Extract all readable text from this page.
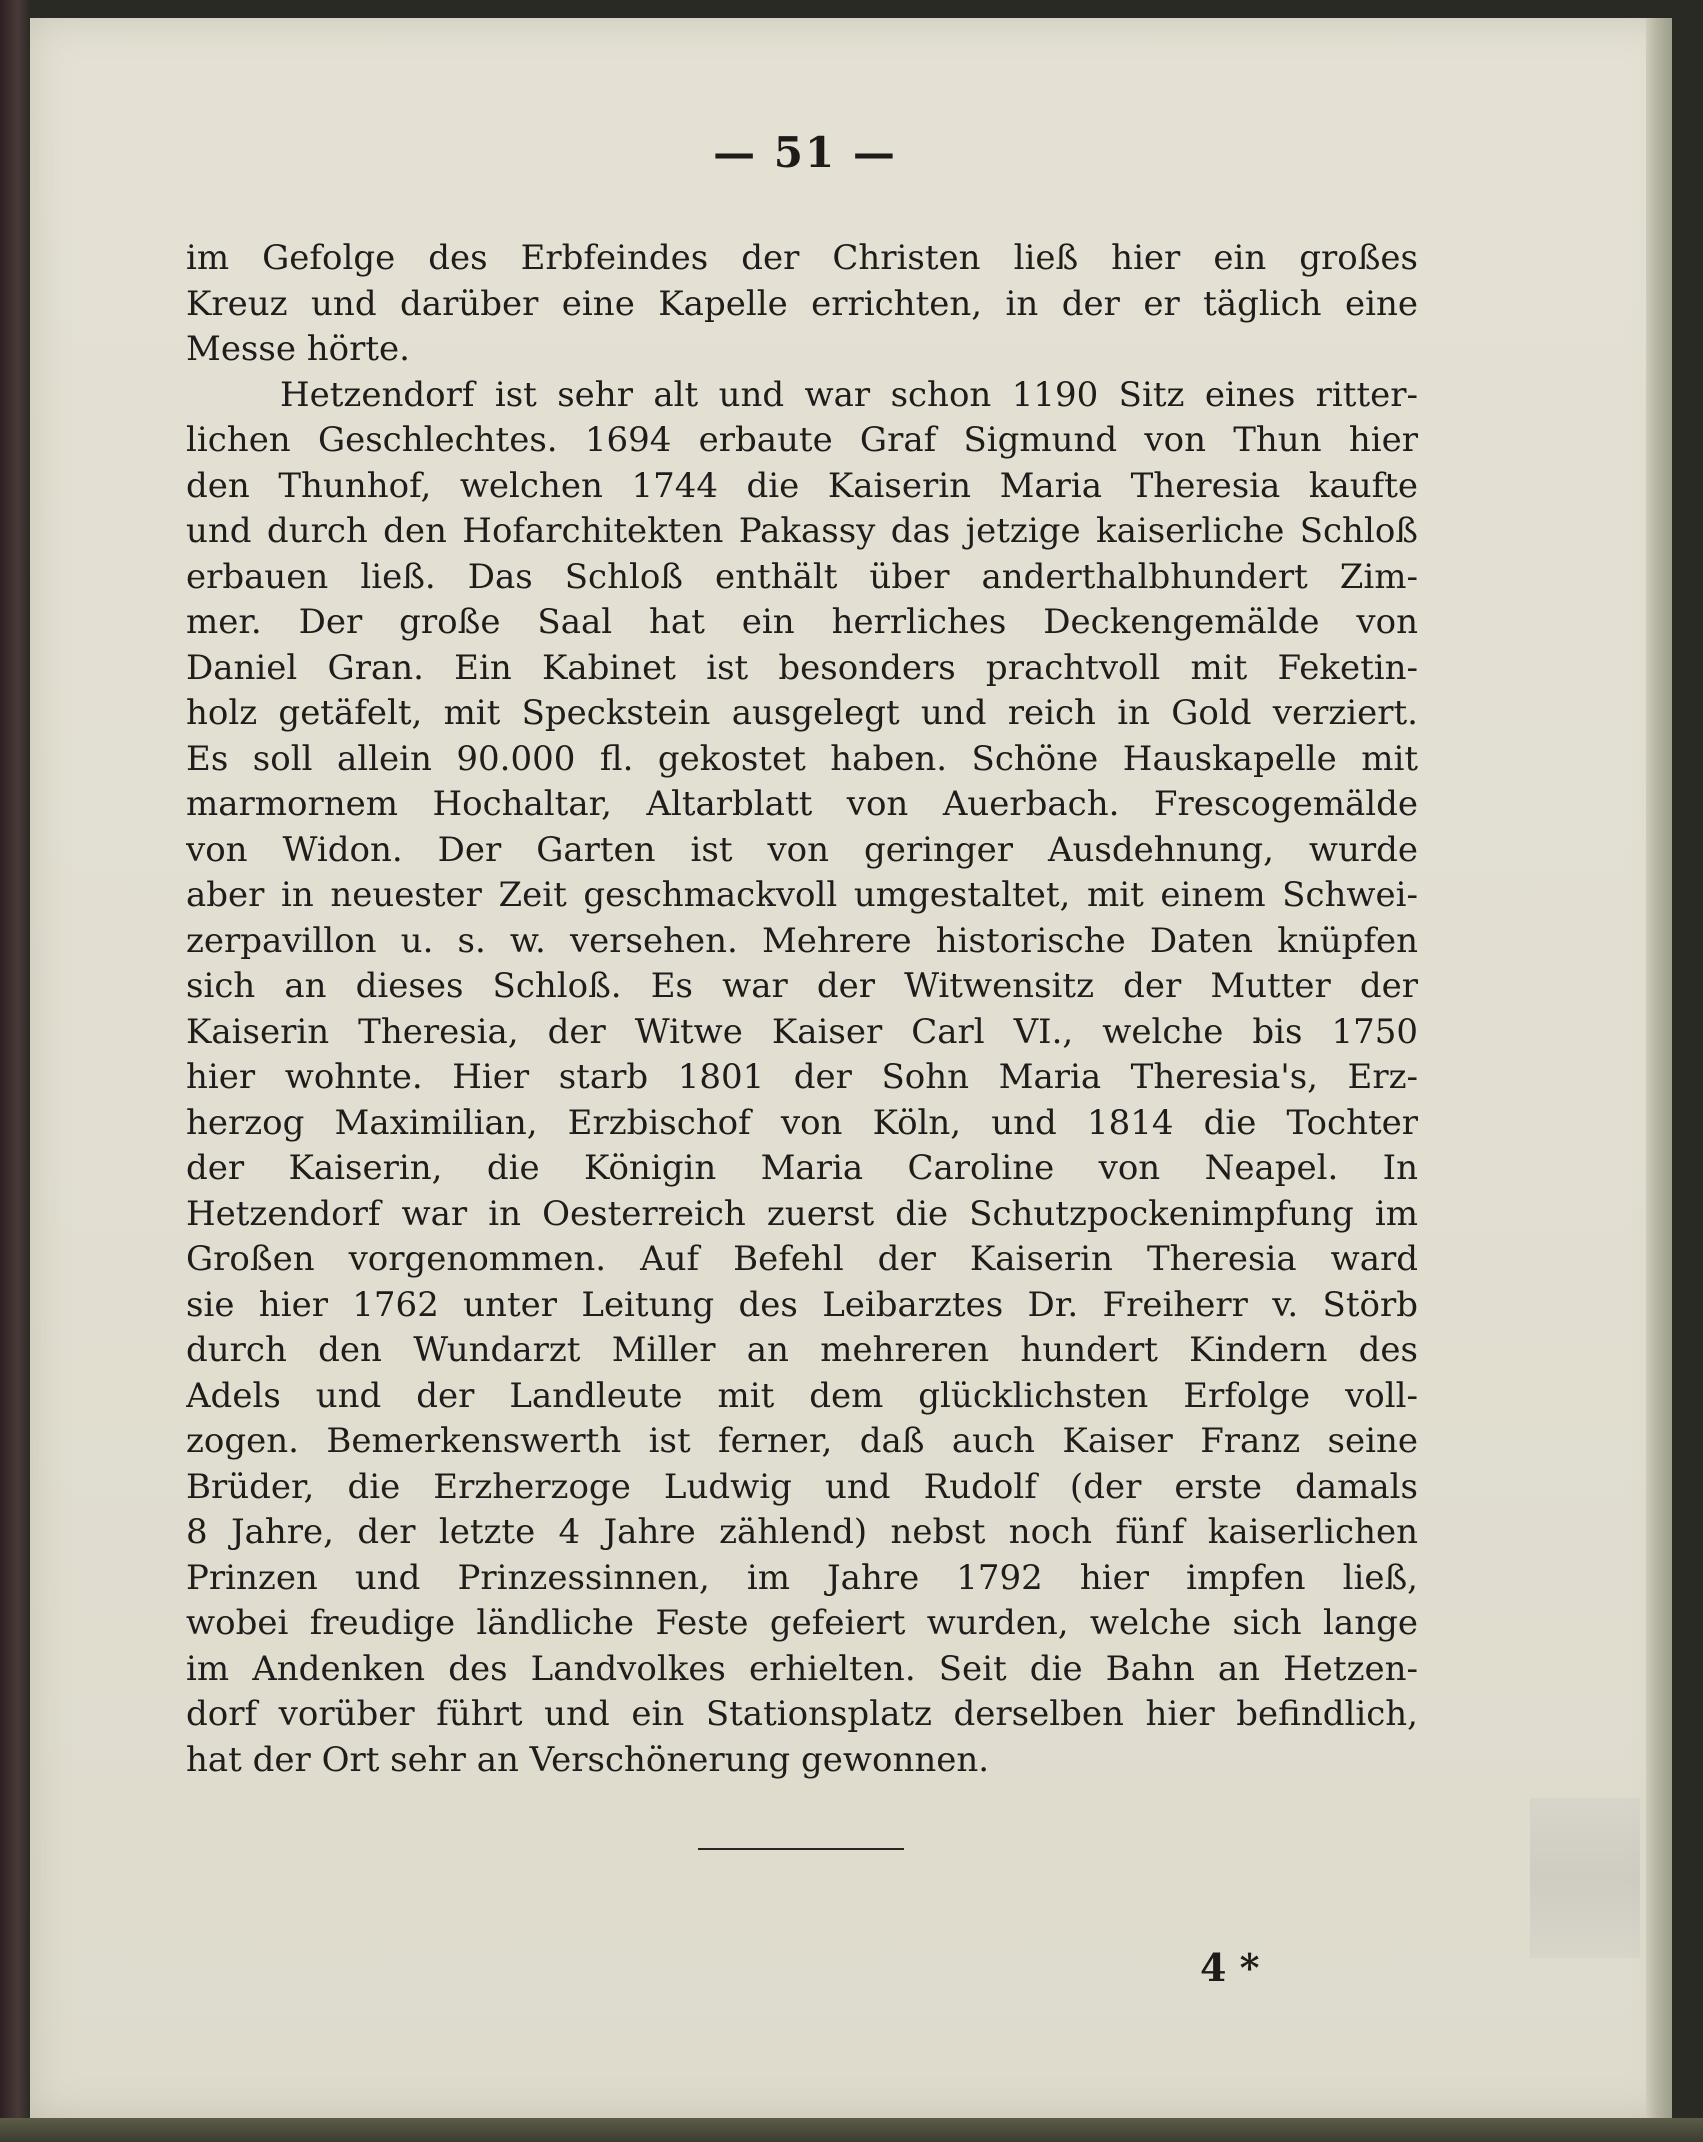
— 51 —
im Gefolge des Erbfeindes der Christen ließ hier ein großes
Kreuz und darüber eine Kapelle errichten, in der er täglich eine
Messe hörte.
Hetzendorf ist sehr alt und war schon 1190 Sitz eines ritter-
lichen Geschlechtes. 1694 erbaute Graf Sigmund von Thun hier
den Thunhof, welchen 1744 die Kaiserin Maria Theresia kaufte
und durch den Hofarchitekten Pakassy das jetzige kaiserliche Schloß
erbauen ließ. Das Schloß enthält über anderthalbhundert Zim-
mer. Der große Saal hat ein herrliches Deckengemälde von
Daniel Gran. Ein Kabinet ist besonders prachtvoll mit Feketin-
holz getäfelt, mit Speckstein ausgelegt und reich in Gold verziert.
Es soll allein 90.000 fl. gekostet haben. Schöne Hauskapelle mit
marmornem Hochaltar, Altarblatt von Auerbach. Frescogemälde
von Widon. Der Garten ist von geringer Ausdehnung, wurde
aber in neuester Zeit geschmackvoll umgestaltet, mit einem Schwei-
zerpavillon u. s. w. versehen. Mehrere historische Daten knüpfen
sich an dieses Schloß. Es war der Witwensitz der Mutter der
Kaiserin Theresia, der Witwe Kaiser Carl VI., welche bis 1750
hier wohnte. Hier starb 1801 der Sohn Maria Theresia's, Erz-
herzog Maximilian, Erzbischof von Köln, und 1814 die Tochter
der Kaiserin, die Königin Maria Caroline von Neapel. In
Hetzendorf war in Oesterreich zuerst die Schutzpockenimpfung im
Großen vorgenommen. Auf Befehl der Kaiserin Theresia ward
sie hier 1762 unter Leitung des Leibarztes Dr. Freiherr v. Störb
durch den Wundarzt Miller an mehreren hundert Kindern des
Adels und der Landleute mit dem glücklichsten Erfolge voll-
zogen. Bemerkenswerth ist ferner, daß auch Kaiser Franz seine
Brüder, die Erzherzoge Ludwig und Rudolf (der erste damals
8 Jahre, der letzte 4 Jahre zählend) nebst noch fünf kaiserlichen
Prinzen und Prinzessinnen, im Jahre 1792 hier impfen ließ,
wobei freudige ländliche Feste gefeiert wurden, welche sich lange
im Andenken des Landvolkes erhielten. Seit die Bahn an Hetzen-
dorf vorüber führt und ein Stationsplatz derselben hier befindlich,
hat der Ort sehr an Verschönerung gewonnen.
4 *
